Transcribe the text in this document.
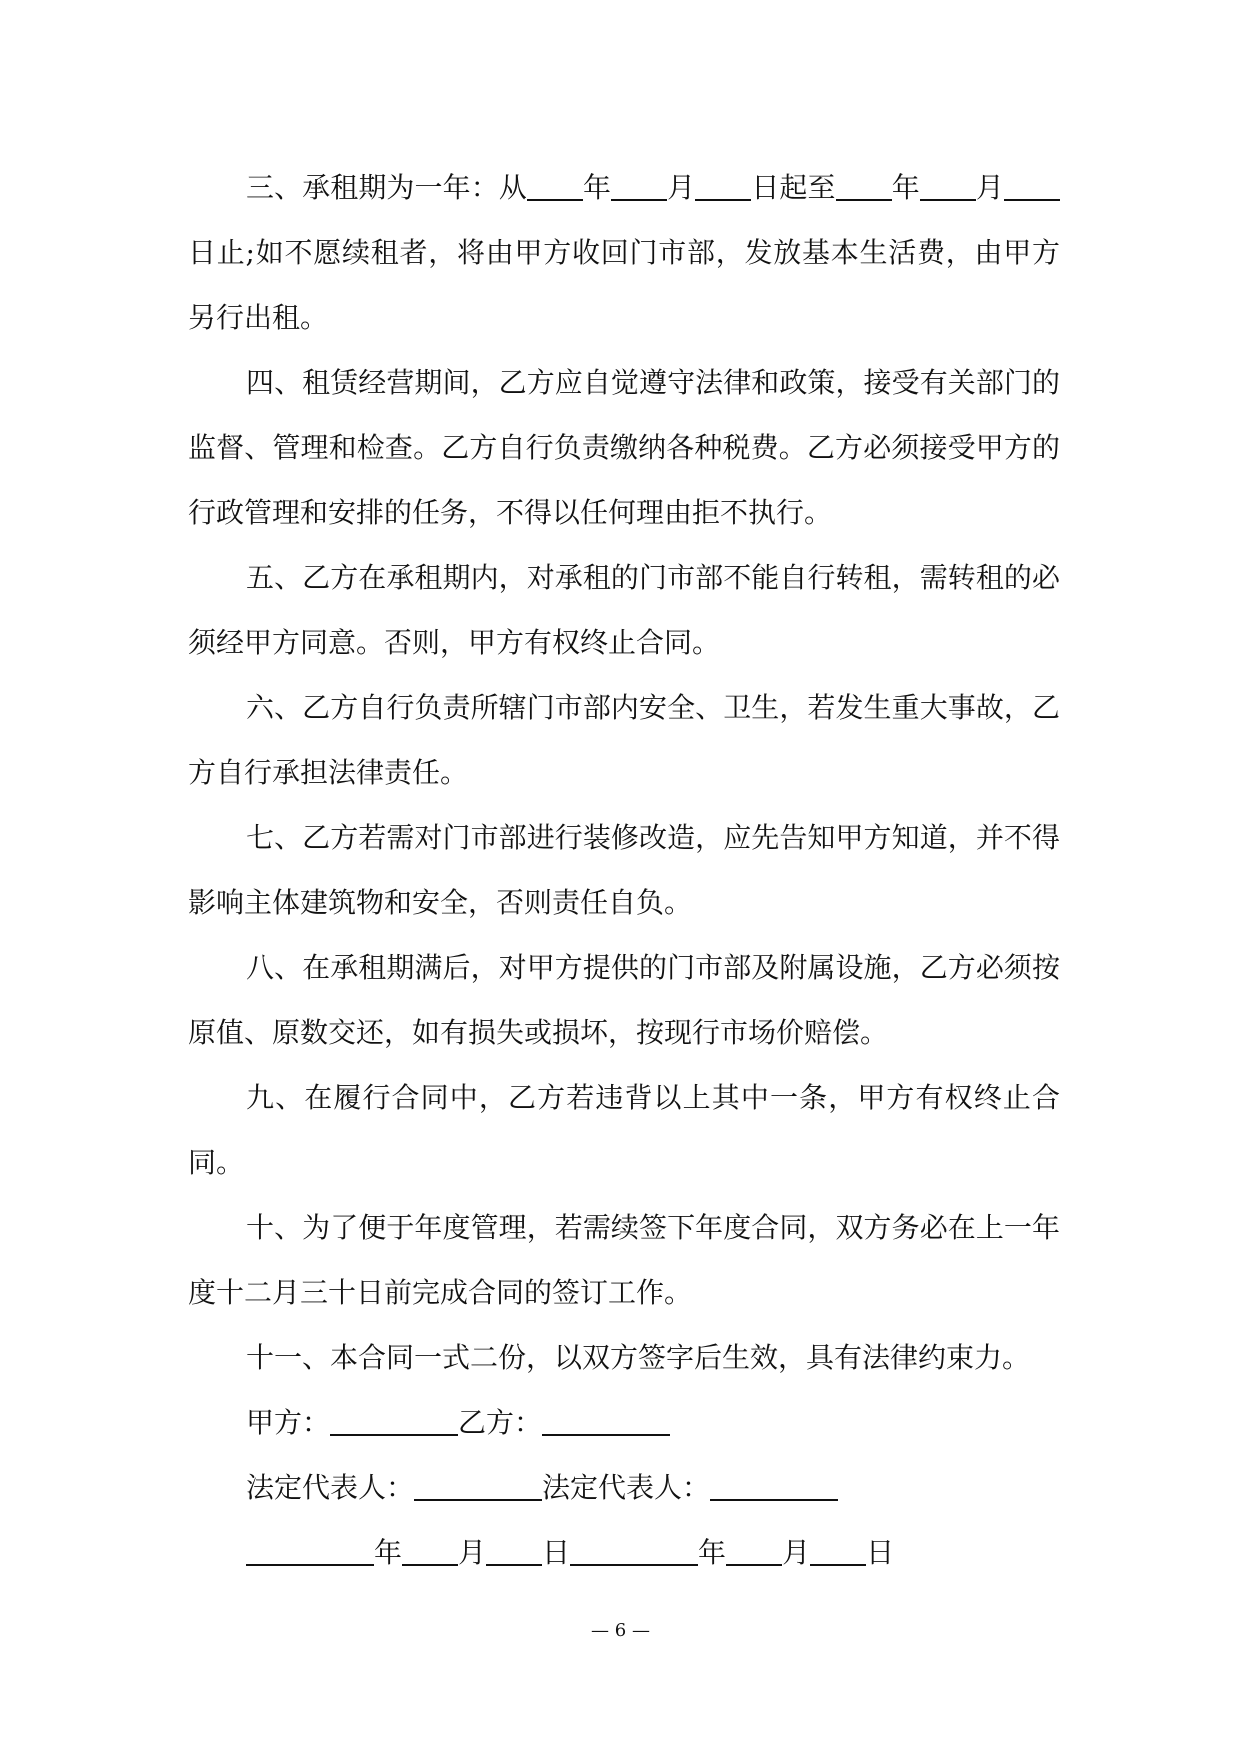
三、承租期为一年：从 年 月 日起至 年 月日止;如不愿续租者，将由甲方收回门市部，发放基本生活费，由甲方另行出租。

四、租赁经营期间，乙方应自觉遵守法律和政策，接受有关部门的监督、管理和检查。乙方自行负责缴纳各种税费。乙方必须接受甲方的行政管理和安排的任务，不得以任何理由拒不执行。

五、乙方在承租期内，对承租的门市部不能自行转租，需转租的必须经甲方同意。否则，甲方有权终止合同。

六、乙方自行负责所辖门市部内安全、卫生，若发生重大事故，乙方自行承担法律责任。

七、乙方若需对门市部进行装修改造，应先告知甲方知道，并不得影响主体建筑物和安全，否则责任自负。

八、在承租期满后，对甲方提供的门市部及附属设施，乙方必须按原值、原数交还，如有损失或损坏，按现行市场价赔偿。

九、在履行合同中，乙方若违背以上其中一条，甲方有权终止合同。

十、为了便于年度管理，若需续签下年度合同，双方务必在上一年度十二月三十日前完成合同的签订工作。

十一、本合同一式二份，以双方签字后生效，具有法律约束力。

甲方：	乙方：

法定代表人：	法定代表人：

年 月 日	年 月 日

— 6 —
